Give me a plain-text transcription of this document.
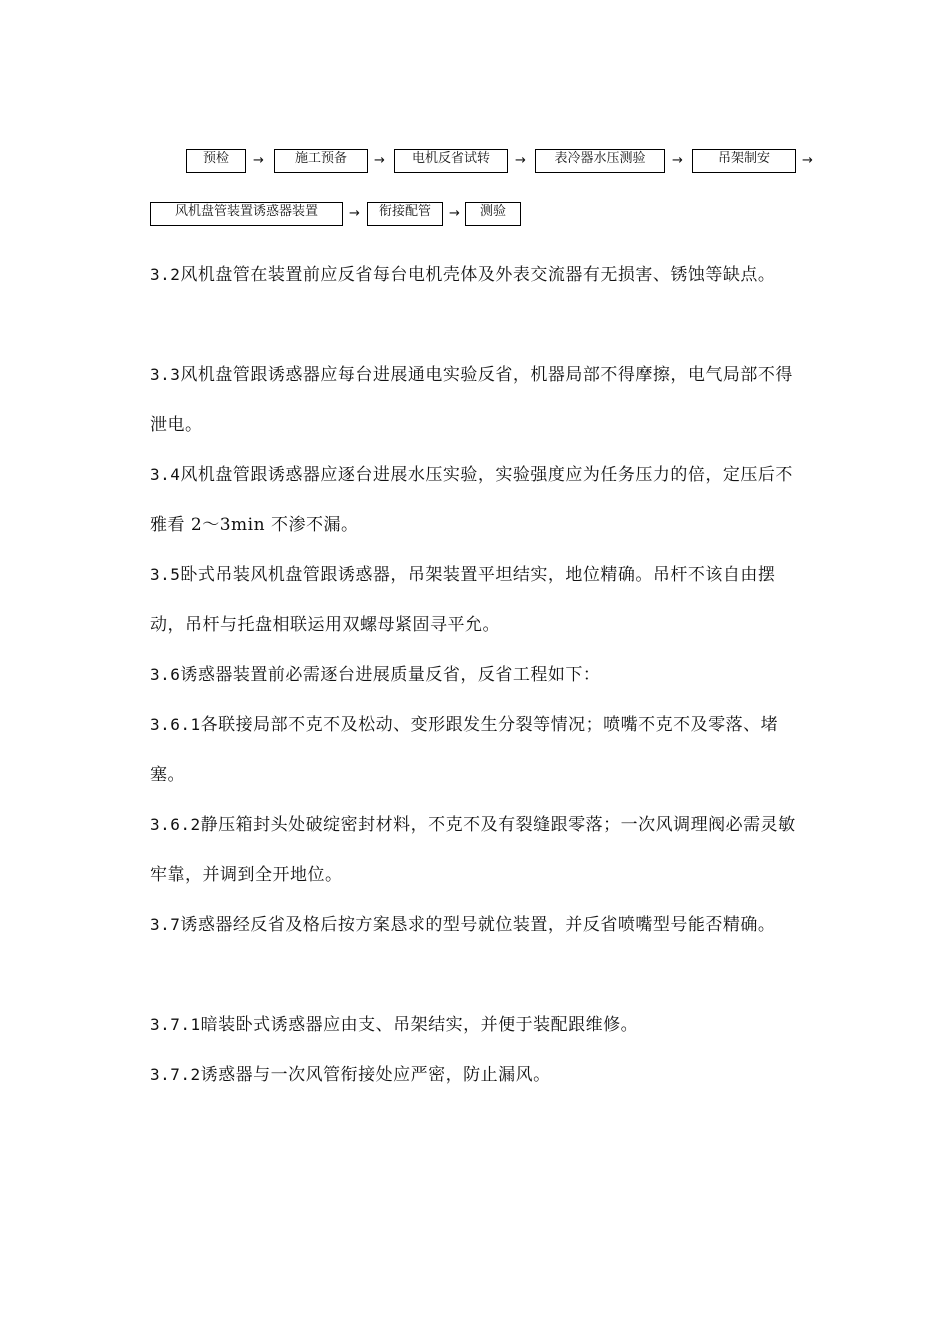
预检	→	施工预备	→	电机反省试转	→	表冷器水压测验	→	吊架制安	→
风机盘管装置诱惑器装置	→	衔接配管	→	测验

3.2风机盘管在装置前应反省每台电机壳体及外表交流器有无损害、锈蚀等缺点。

3.3风机盘管跟诱惑器应每台进展通电实验反省，机器局部不得摩擦，电气局部不得泄电。

3.4风机盘管跟诱惑器应逐台进展水压实验，实验强度应为任务压力的倍，定压后不雅看 2～3min 不渗不漏。

3.5卧式吊装风机盘管跟诱惑器，吊架装置平坦结实，地位精确。吊杆不该自由摆动，吊杆与托盘相联运用双螺母紧固寻平允。

3.6诱惑器装置前必需逐台进展质量反省，反省工程如下：

3.6.1各联接局部不克不及松动、变形跟发生分裂等情况；喷嘴不克不及零落、堵塞。

3.6.2静压箱封头处破绽密封材料，不克不及有裂缝跟零落；一次风调理阀必需灵敏牢靠，并调到全开地位。

3.7诱惑器经反省及格后按方案恳求的型号就位装置，并反省喷嘴型号能否精确。

3.7.1暗装卧式诱惑器应由支、吊架结实，并便于装配跟维修。

3.7.2诱惑器与一次风管衔接处应严密，防止漏风。
